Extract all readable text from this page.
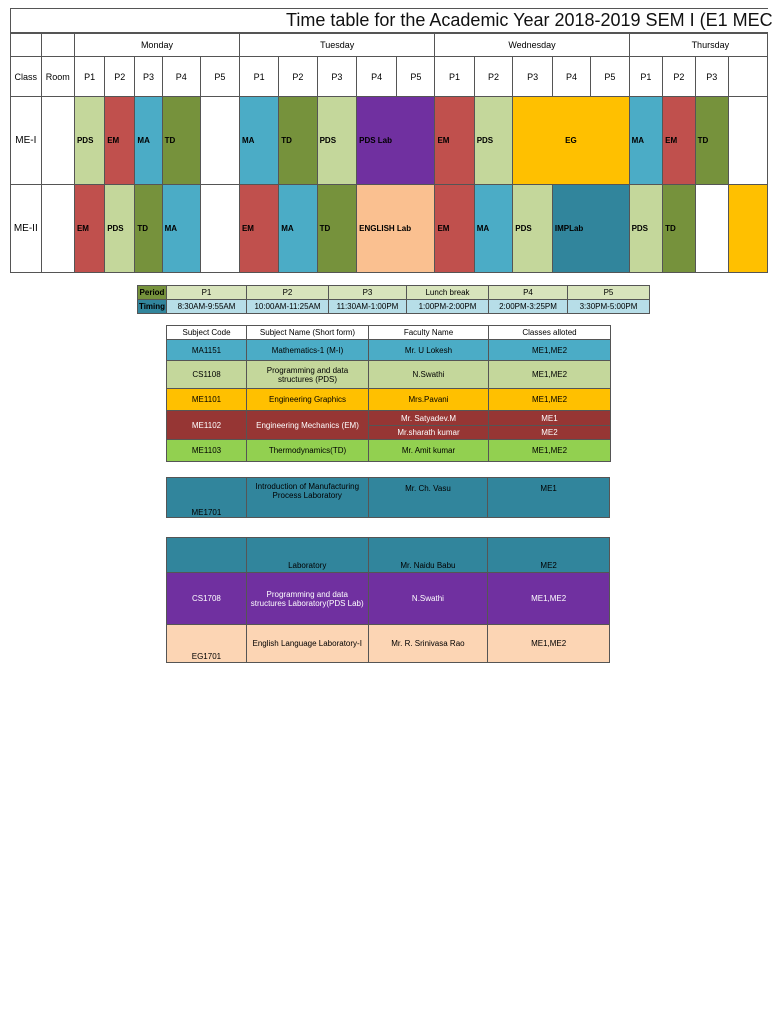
Time table for the Academic Year 2018-2019 SEM I (E1 MEC
		Monday					Tuesday					Wednesday					Thursday			
Class	Room	P1	P2	P3	P4	P5	P1	P2	P3	P4	P5	P1	P2	P3	P4	P5	P1	P2	P3	
ME-I		PDS	EM	MA	TD		MA	TD	PDS	PDS Lab		EM	PDS	EG			MA	EM	TD	
ME-II		EM	PDS	TD	MA		EM	MA	TD	ENGLISH Lab		EM	MA	PDS	IMPLab		PDS	TD		
Period	P1	P2	P3	Lunch break	P4	P5
Timing	8:30AM-9:55AM	10:00AM-11:25AM	11:30AM-1:00PM	1:00PM-2:00PM	2:00PM-3:25PM	3:30PM-5:00PM
Subject Code	Subject Name (Short form)	Faculty Name	Classes alloted
MA1151	Mathematics-1 (M-I)	Mr. U Lokesh	ME1,ME2
CS1108	Programming and data structures (PDS)	N.Swathi	ME1,ME2
ME1101	Engineering Graphics	Mrs.Pavani	ME1,ME2
ME1102	Engineering Mechanics (EM)	Mr. Satyadev.M	ME1
		Mr.sharath kumar	ME2
ME1103	Thermodynamics(TD)	Mr. Amit kumar	ME1,ME2
ME1701	Introduction of Manufacturing Process Laboratory	Mr. Ch. Vasu	ME1
	Laboratory	Mr. Naidu Babu	ME2
CS1708	Programming and data structures Laboratory(PDS Lab)	N.Swathi	ME1,ME2
EG1701	English Language Laboratory-I	Mr. R. Srinivasa Rao	ME1,ME2
